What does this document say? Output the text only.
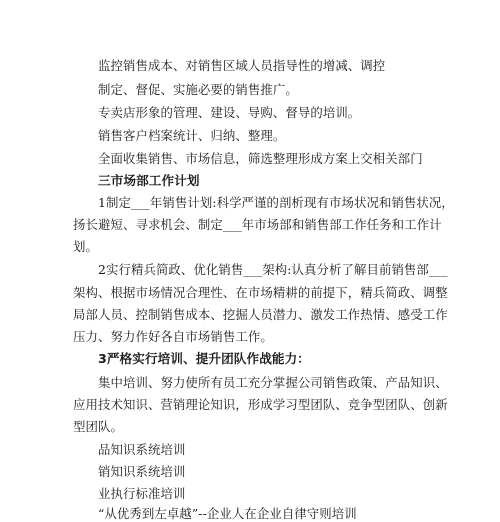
监控销售成本、对销售区域人员指导性的增减、调控
制定、督促、实施必要的销售推广。
专卖店形象的管理、建设、导购、督导的培训。
销售客户档案统计、归纳、整理。
全面收集销售、市场信息，筛选整理形成方案上交相关部门
三市场部工作计划
1制定___年销售计划:科学严谨的剖析现有市场状况和销售状况，
扬长避短、寻求机会、制定___年市场部和销售部工作任务和工作计
划。
2实行精兵简政、优化销售___架构:认真分析了解目前销售部___
架构、根据市场情况合理性、在市场精耕的前提下，精兵简政、调整
局部人员、控制销售成本、挖掘人员潜力、激发工作热情、感受工作
压力、努力作好各自市场销售工作。
3严格实行培训、提升团队作战能力：
集中培训、努力使所有员工充分掌握公司销售政策、产品知识、
应用技术知识、营销理论知识，形成学习型团队、竞争型团队、创新
型团队。
品知识系统培训
销知识系统培训
业执行标准培训
“从优秀到左卓越”--企业人在企业自律守则培训
